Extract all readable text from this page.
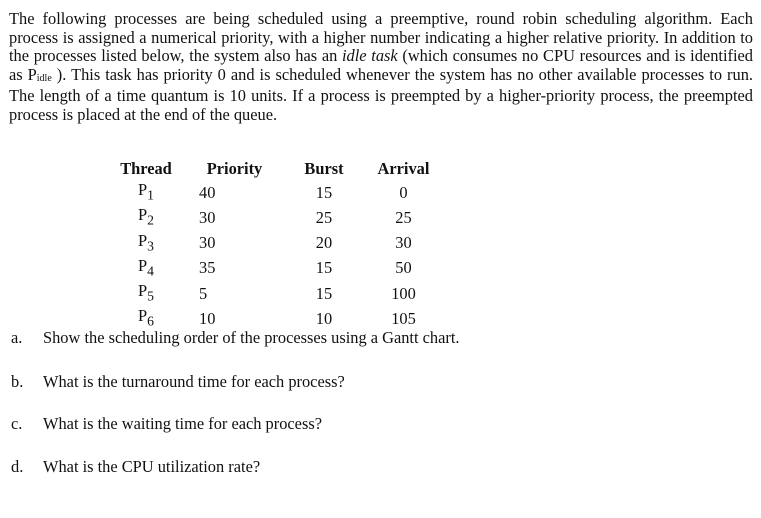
The following processes are being scheduled using a preemptive, round robin scheduling algorithm. Each process is assigned a numerical priority, with a higher number indicating a higher relative priority. In addition to the processes listed below, the system also has an idle task (which consumes no CPU resources and is identified as $P_{idle}$ ). This task has priority 0 and is scheduled whenever the system has no other available processes to run. The length of a time quantum is 10 units. If a process is preempted by a higher-priority process, the preempted process is placed at the end of the queue.
Thread	Priority	Burst	Arrival
$P_1$	40	15	0
$P_2$	30	25	25
$P_3$	30	20	30
$P_4$	35	15	50
$P_5$	5	15	100
$P_6$	10	10	105
a. Show the scheduling order of the processes using a Gantt chart.
b. What is the turnaround time for each process?
c. What is the waiting time for each process?
d. What is the CPU utilization rate?
